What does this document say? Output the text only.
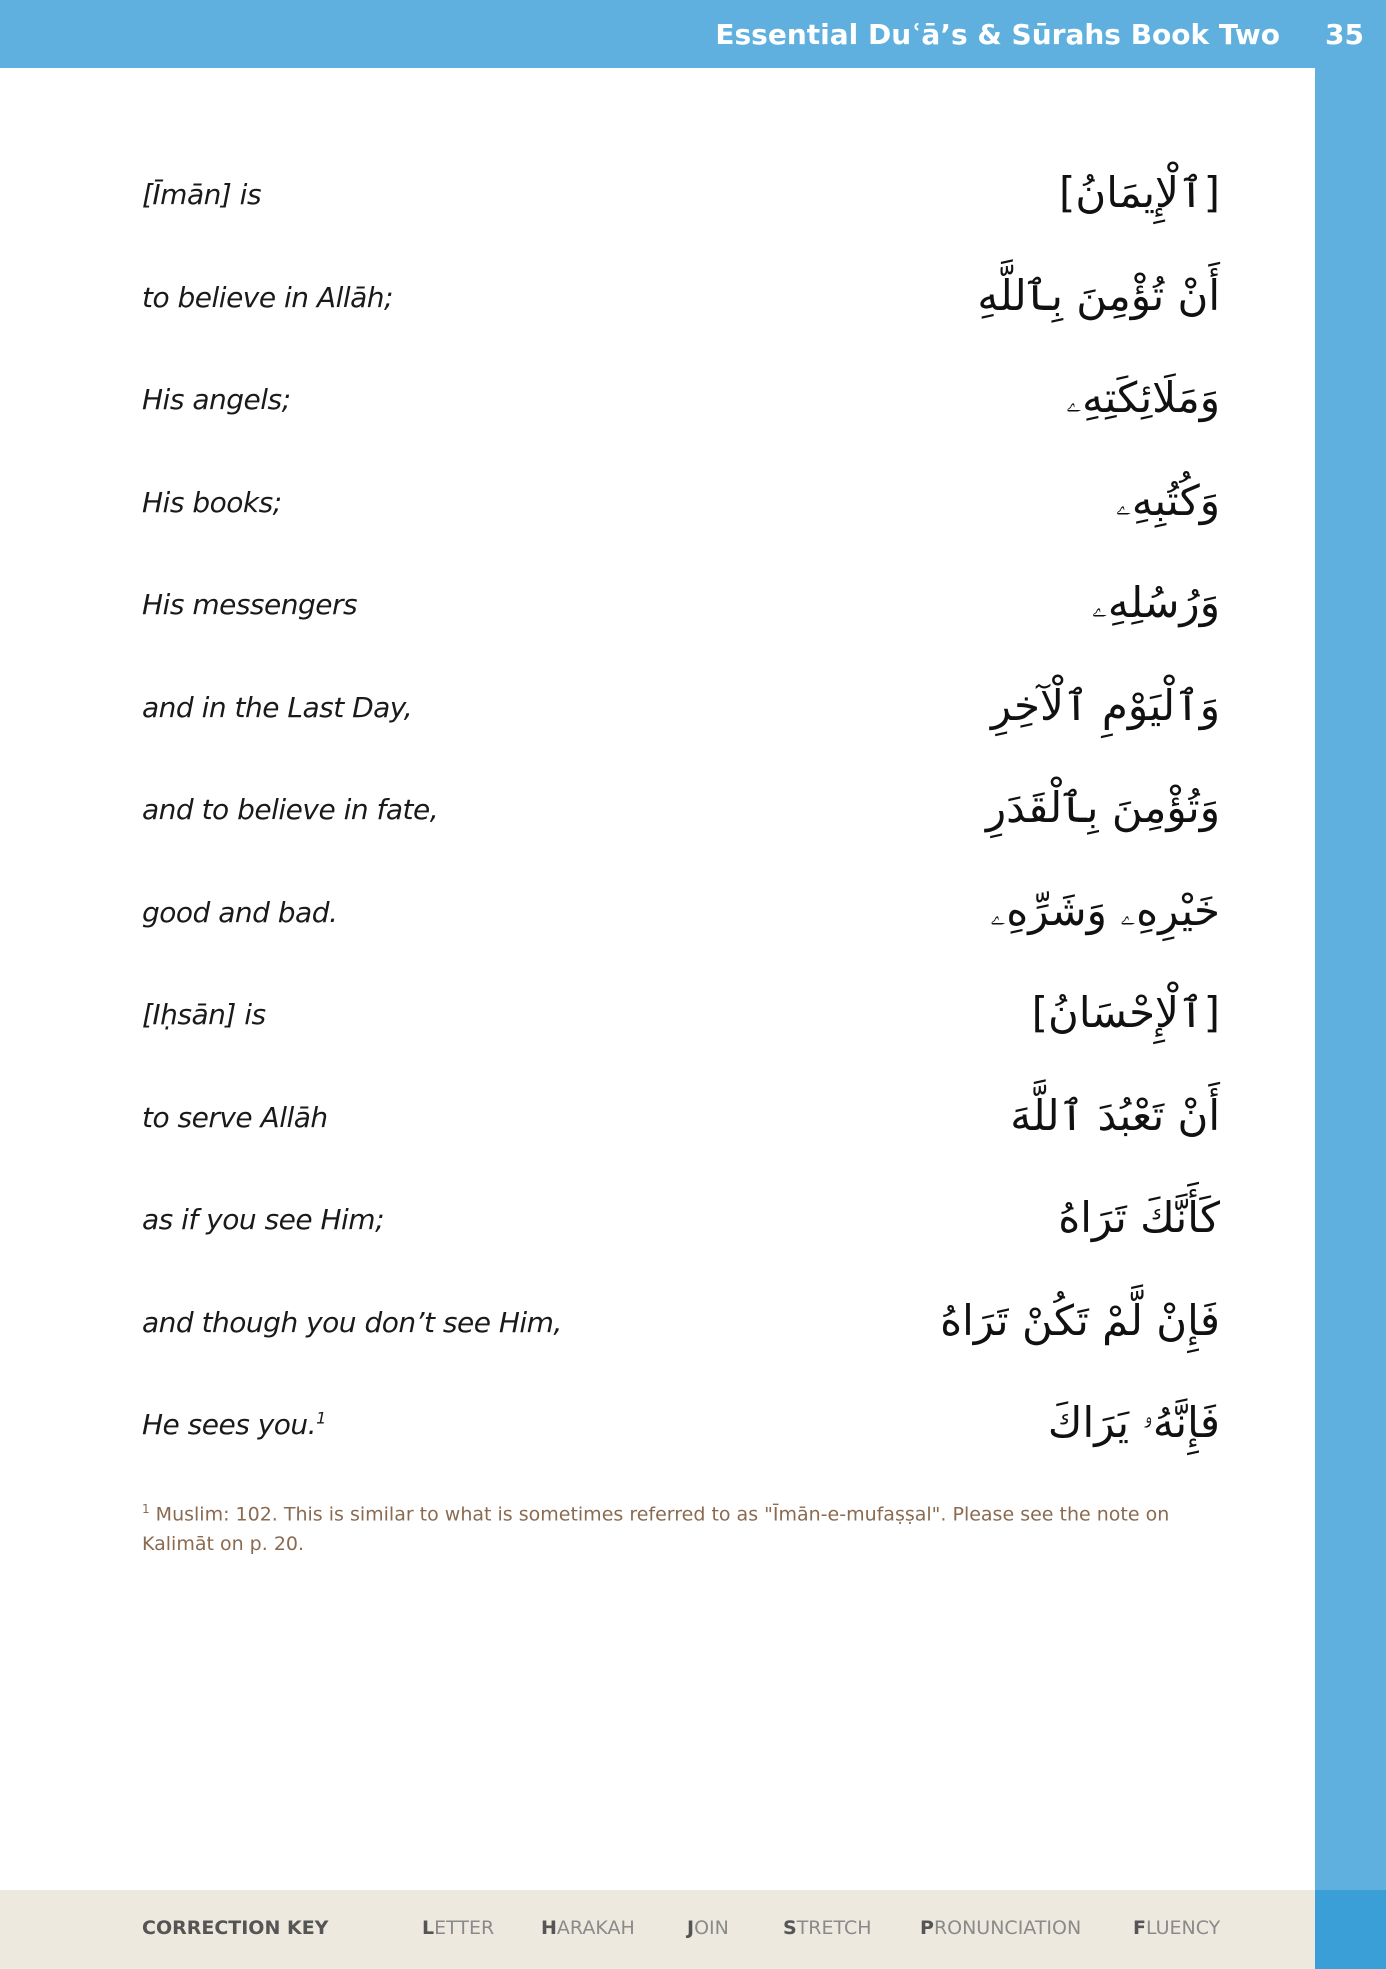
Essential Duʿā’s & Sūrahs Book Two 35
[Īmān] is	[ٱلْإِيمَانُ]
to believe in Allāh;	أَنْ تُؤْمِنَ بِٱللَّهِ
His angels;	وَمَلَائِكَتِهِۦ
His books;	وَكُتُبِهِۦ
His messengers	وَرُسُلِهِۦ
and in the Last Day,	وَٱلْيَوْمِ ٱلْآخِرِ
and to believe in fate,	وَتُؤْمِنَ بِٱلْقَدَرِ
good and bad.	خَيْرِهِۦ وَشَرِّهِۦ
[Iḥsān] is	[ٱلْإِحْسَانُ]
to serve Allāh	أَنْ تَعْبُدَ ٱللَّهَ
as if you see Him;	كَأَنَّكَ تَرَاهُ
and though you don’t see Him,	فَإِنْ لَّمْ تَكُنْ تَرَاهُ
He sees you.$^1$	فَإِنَّهُۥ يَرَاكَ
$^1$ Muslim: 102. This is similar to what is sometimes referred to as "Īmān-e-mufaṣṣal". Please see the note on Kalimāt on p. 20.
CORRECTION KEY	LETTER HARAKAH	JOIN	STRETCH	PRONUNCIATION	FLUENCY
